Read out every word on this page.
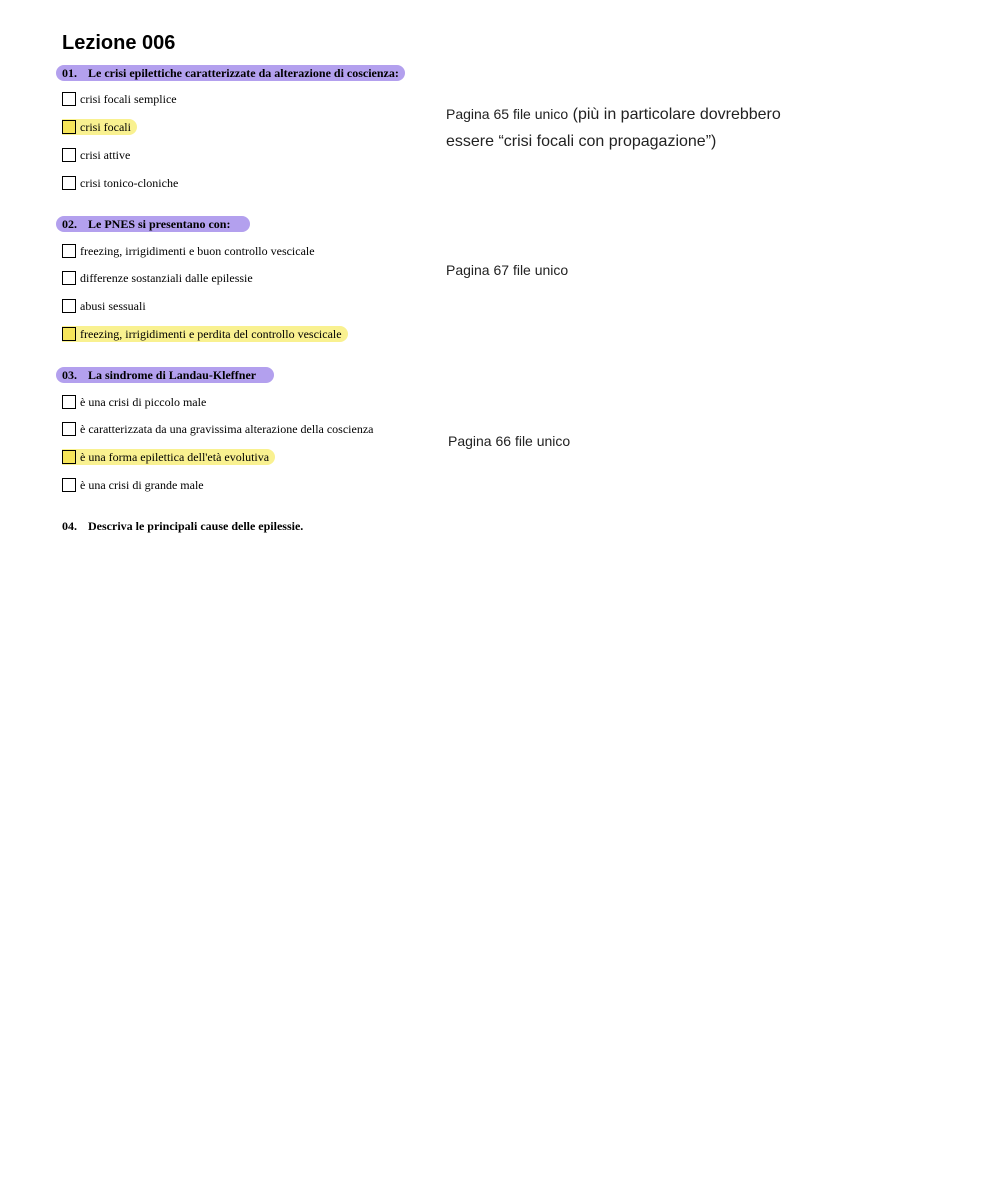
Lezione 006
01. Le crisi epilettiche caratterizzate da alterazione di coscienza:
crisi focali semplice
crisi focali
crisi attive
crisi tonico-cloniche
Pagina 65 file unico (più in particolare dovrebbero
essere “crisi focali con propagazione”)
02. Le PNES si presentano con:
freezing, irrigidimenti e buon controllo vescicale
differenze sostanziali dalle epilessie
abusi sessuali
freezing, irrigidimenti e perdita del controllo vescicale
Pagina 67 file unico
03. La sindrome di Landau-Kleffner
è una crisi di piccolo male
è caratterizzata da una gravissima alterazione della coscienza
è una forma epilettica dell'età evolutiva
è una crisi di grande male
Pagina 66 file unico
04. Descriva le principali cause delle epilessie.
